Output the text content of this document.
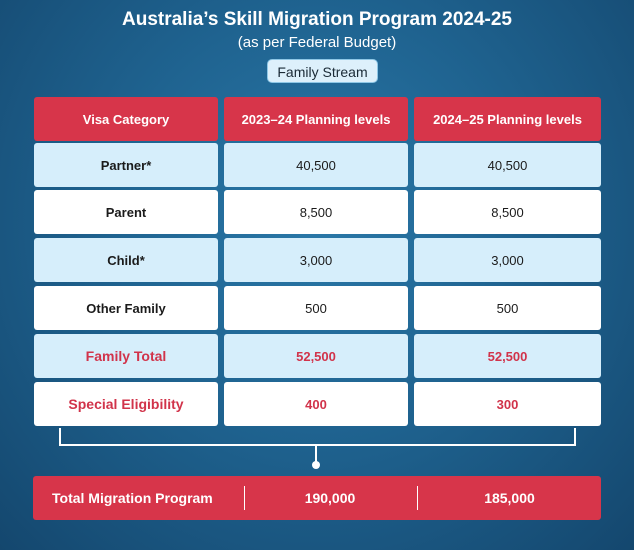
Australia’s Skill Migration Program 2024-25
(as per Federal Budget)
Family Stream
Visa Category	2023–24 Planning levels	2024–25 Planning levels
Partner*	40,500	40,500
Parent	8,500	8,500
Child*	3,000	3,000
Other Family	500	500
Family Total	52,500	52,500
Special Eligibility	400	300
Total Migration Program	190,000	185,000
